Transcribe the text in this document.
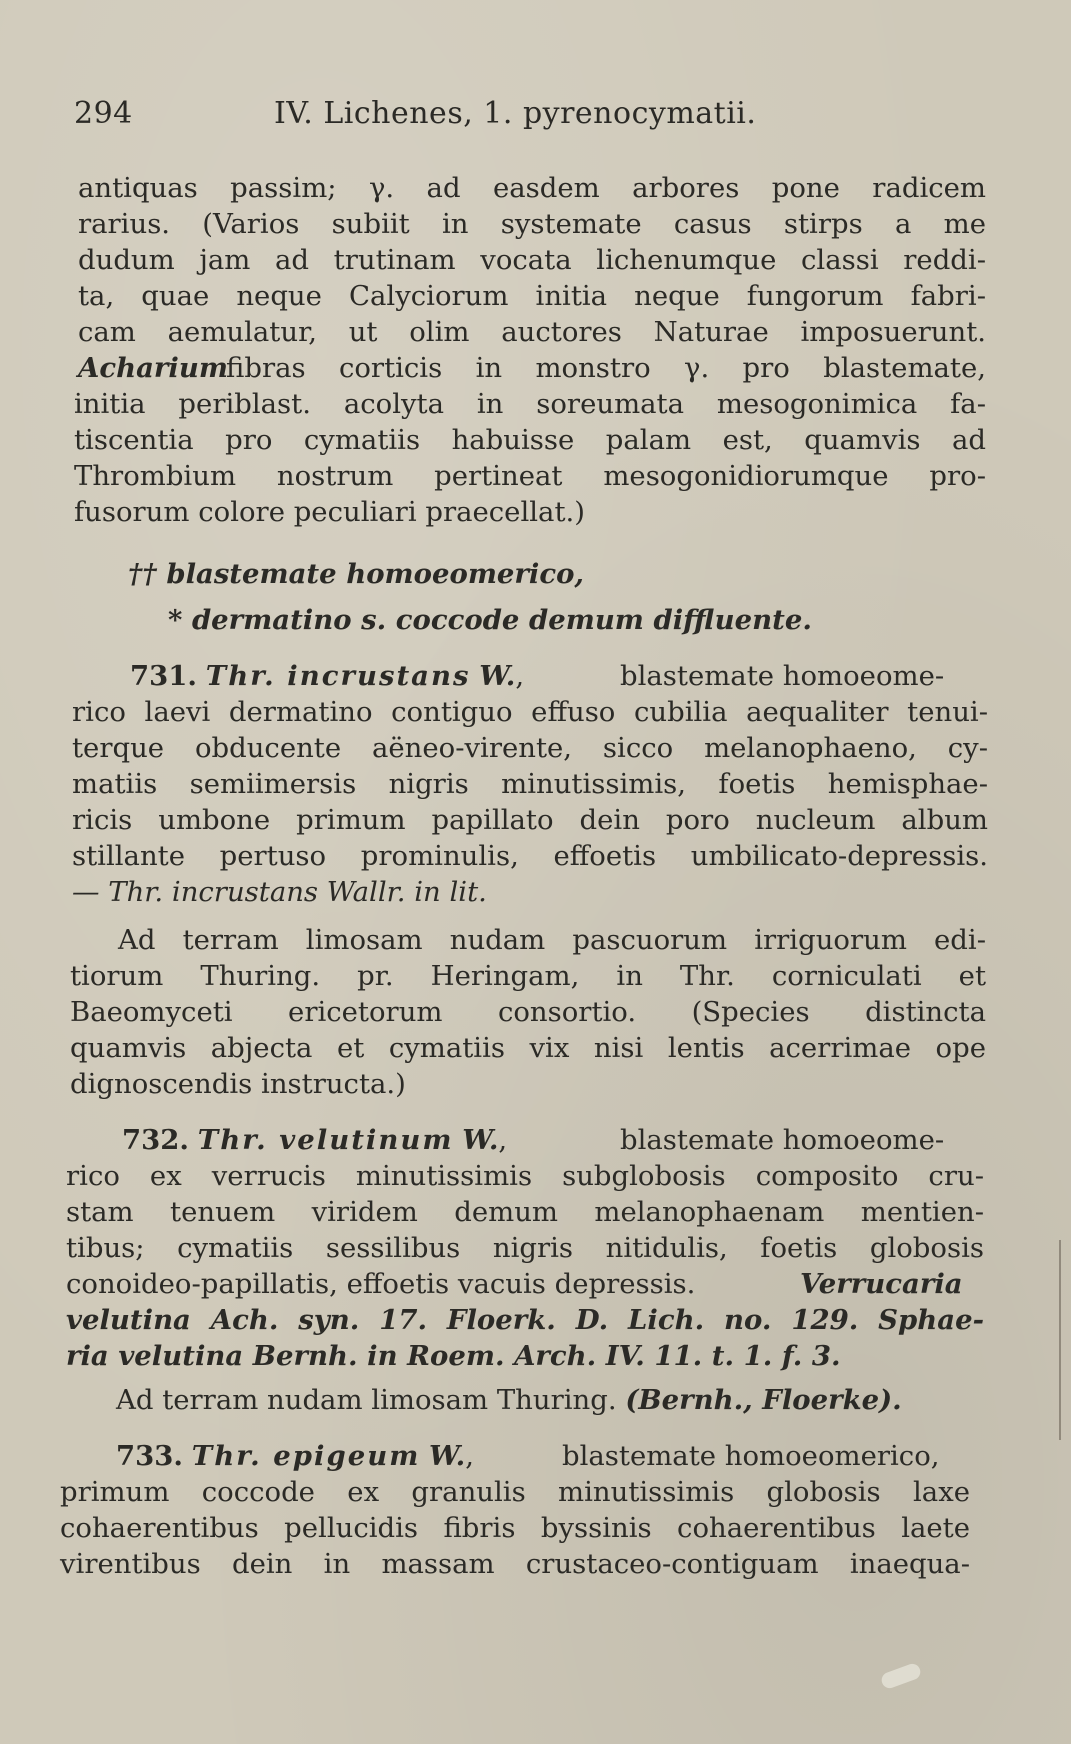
294	IV. Lichenes, 1. pyrenocymatii.
antiquas passim; γ. ad easdem arbores pone radicem
rarius. (Varios subiit in systemate casus stirps a me
dudum jam ad trutinam vocata lichenumque classi reddi-
ta, quae neque Calyciorum initia neque fungorum fabri-
cam aemulatur, ut olim auctores Naturae imposuerunt.
Acharium
fibras corticis in monstro γ. pro blastemate,
initia periblast. acolyta in soreumata mesogonimica fa-
tiscentia pro cymatiis habuisse palam est, quamvis ad
Thrombium nostrum pertineat mesogonidiorumque pro-
fusorum colore peculiari praecellat.)
†† blastemate homoeomerico,
* dermatino s. coccode demum diffluente.
731. Thr. incrustans W.,	blastemate homoeome-
rico laevi dermatino contiguo effuso cubilia aequaliter tenui-
terque obducente aëneo-virente, sicco melanophaeno, cy-
matiis semiimersis nigris minutissimis, foetis hemisphae-
ricis umbone primum papillato dein poro nucleum album
stillante pertuso prominulis, effoetis umbilicato-depressis.
— Thr. incrustans Wallr. in lit.
Ad terram limosam nudam pascuorum irriguorum edi-
tiorum Thuring. pr. Heringam, in Thr. corniculati et
Baeomyceti ericetorum consortio. (Species distincta
quamvis abjecta et cymatiis vix nisi lentis acerrimae ope
dignoscendis instructa.)
732. Thr. velutinum W.,	blastemate homoeome-
rico ex verrucis minutissimis subglobosis composito cru-
stam tenuem viridem demum melanophaenam mentien-
tibus; cymatiis sessilibus nigris nitidulis, foetis globosis
conoideo-papillatis, effoetis vacuis depressis.	Verrucaria
velutina Ach. syn. 17. Floerk. D. Lich. no. 129. Sphae-
ria velutina Bernh. in Roem. Arch. IV. 11. t. 1. f. 3.
Ad terram nudam limosam Thuring. (Bernh., Floerke).
733. Thr. epigeum W.,	blastemate homoeomerico,
primum coccode ex granulis minutissimis globosis laxe
cohaerentibus pellucidis fibris byssinis cohaerentibus laete
virentibus dein in massam crustaceo-contiguam inaequa-
